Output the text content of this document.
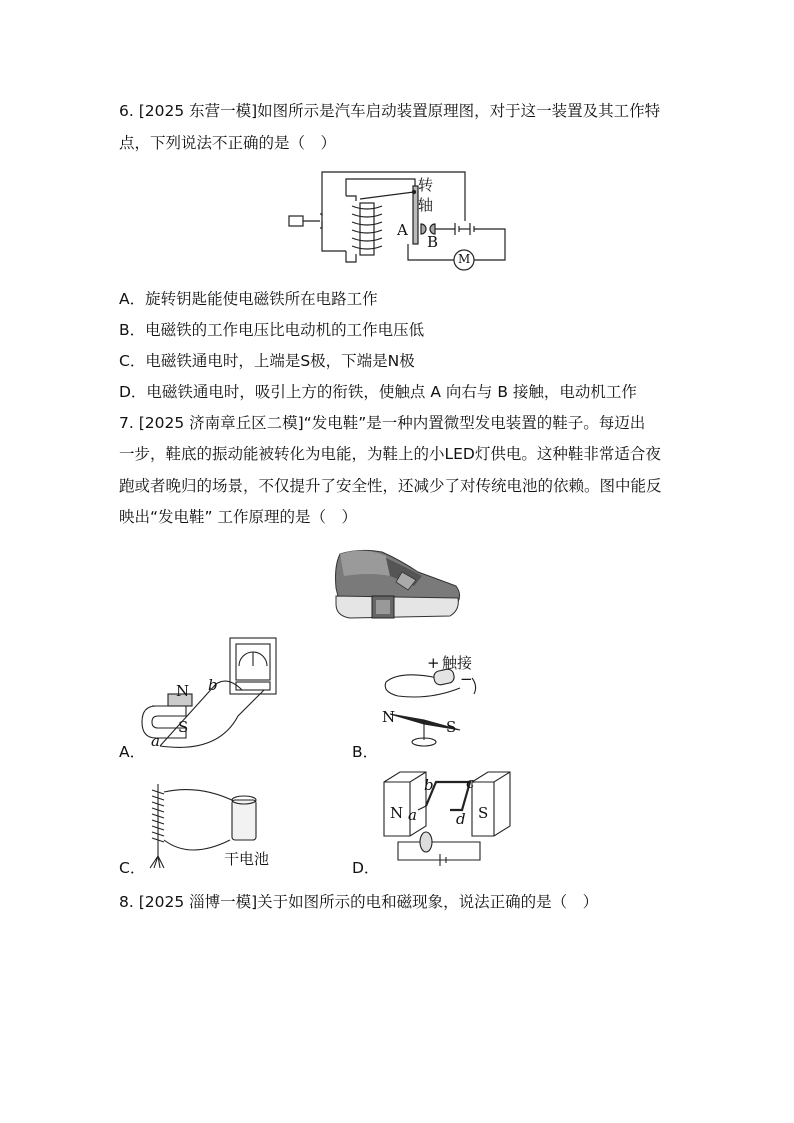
6. [2025 东营一模]如图所示是汽车启动装置原理图，对于这一装置及其工作特
点，下列说法不正确的是（　）
转
轴
A
B
M
A．旋转钥匙能使电磁铁所在电路工作
B．电磁铁的工作电压比电动机的工作电压低
C．电磁铁通电时，上端是S极，下端是N极
D．电磁铁通电时，吸引上方的衔铁，使触点 A 向右与 B 接触，电动机工作
7. [2025 济南章丘区二模]“发电鞋”是一种内置微型发电装置的鞋子。每迈出
一步，鞋底的振动能被转化为电能，为鞋上的小LED灯供电。这种鞋非常适合夜
跑或者晚归的场景，不仅提升了安全性，还减少了对传统电池的依赖。图中能反
映出“发电鞋” 工作原理的是（　）
N
S
a
b
A．
+ 触接
−
N
S
B．
干电池
C．
N	S
a
b c
d
D．
8. [2025 淄博一模]关于如图所示的电和磁现象，说法正确的是（　）
